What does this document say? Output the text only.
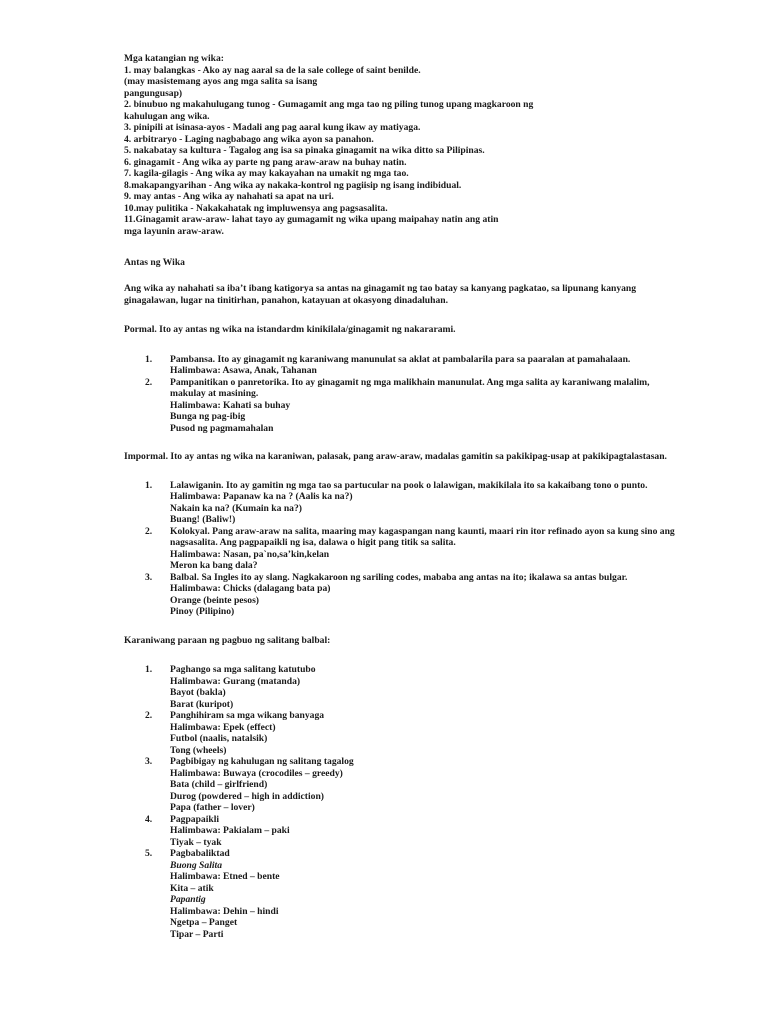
Mga katangian ng wika:
1. may balangkas - Ako ay nag aaral sa de la sale college of saint benilde.
(may masistemang ayos ang mga salita sa isang
pangungusap)
2. binubuo ng makahulugang tunog - Gumagamit ang mga tao ng piling tunog upang magkaroon ng
kahulugan ang wika.
3. pinipili at isinasa-ayos - Madali ang pag aaral kung ikaw ay matiyaga.
4. arbitraryo - Laging nagbabago ang wika ayon sa panahon.
5. nakabatay sa kultura - Tagalog ang isa sa pinaka ginagamit na wika ditto sa Pilipinas.
6. ginagamit - Ang wika ay parte ng pang araw-araw na buhay natin.
7. kagila-gilagis - Ang wika ay may kakayahan na umakit ng mga tao.
8.makapangyarihan - Ang wika ay nakaka-kontrol ng pagiisip ng isang indibidual.
9. may antas - Ang wika ay nahahati sa apat na uri.
10.may pulitika - Nakakahatak ng impluwensya ang pagsasalita.
11.Ginagamit araw-araw- lahat tayo ay gumagamit ng wika upang maipahay natin ang atin
mga layunin araw-araw.
Antas ng Wika
Ang wika ay nahahati sa iba’t ibang katigorya sa antas na ginagamit ng tao batay sa kanyang pagkatao, sa lipunang kanyang
ginagalawan, lugar na tinitirhan, panahon, katayuan at okasyong dinadaluhan.
Pormal. Ito ay antas ng wika na istandardm kinikilala/ginagamit ng nakararami.
1.	Pambansa. Ito ay ginagamit ng karaniwang manunulat sa aklat at pambalarila para sa paaralan at pamahalaan.
Halimbawa: Asawa, Anak, Tahanan
2.	Pampanitikan o panretorika. Ito ay ginagamit ng mga malikhain manunulat. Ang mga salita ay karaniwang malalim,
makulay at masining.
Halimbawa: Kahati sa buhay
Bunga ng pag-ibig
Pusod ng pagmamahalan
Impormal. Ito ay antas ng wika na karaniwan, palasak, pang araw-araw, madalas gamitin sa pakikipag-usap at pakikipagtalastasan.
1.	Lalawiganin. Ito ay gamitin ng mga tao sa partucular na pook o lalawigan, makikilala ito sa kakaibang tono o punto.
Halimbawa: Papanaw ka na ? (Aalis ka na?)
Nakain ka na? (Kumain ka na?)
Buang! (Baliw!)
2.	Kolokyal. Pang araw-araw na salita, maaring may kagaspangan nang kaunti, maari rin itor refinado ayon sa kung sino ang
nagsasalita. Ang pagpapaikli ng isa, dalawa o higit pang titik sa salita.
Halimbawa: Nasan, pa`no,sa’kin,kelan
Meron ka bang dala?
3.	Balbal. Sa Ingles ito ay slang. Nagkakaroon ng sariling codes, mababa ang antas na ito; ikalawa sa antas bulgar.
Halimbawa: Chicks (dalagang bata pa)
Orange (beinte pesos)
Pinoy (Pilipino)
Karaniwang paraan ng pagbuo ng salitang balbal:
1.	Paghango sa mga salitang katutubo
Halimbawa: Gurang (matanda)
Bayot (bakla)
Barat (kuripot)
2.	Panghihiram sa mga wikang banyaga
Halimbawa: Epek (effect)
Futbol (naalis, natalsik)
Tong (wheels)
3.	Pagbibigay ng kahulugan ng salitang tagalog
Halimbawa: Buwaya (crocodiles – greedy)
Bata (child – girlfriend)
Durog (powdered – high in addiction)
Papa (father – lover)
4.	Pagpapaikli
Halimbawa: Pakialam – paki
Tiyak – tyak
5.	Pagbabaliktad
Buong Salita
Halimbawa: Etned – bente
Kita – atik
Papantig
Halimbawa: Dehin – hindi
Ngetpa – Panget
Tipar – Parti
